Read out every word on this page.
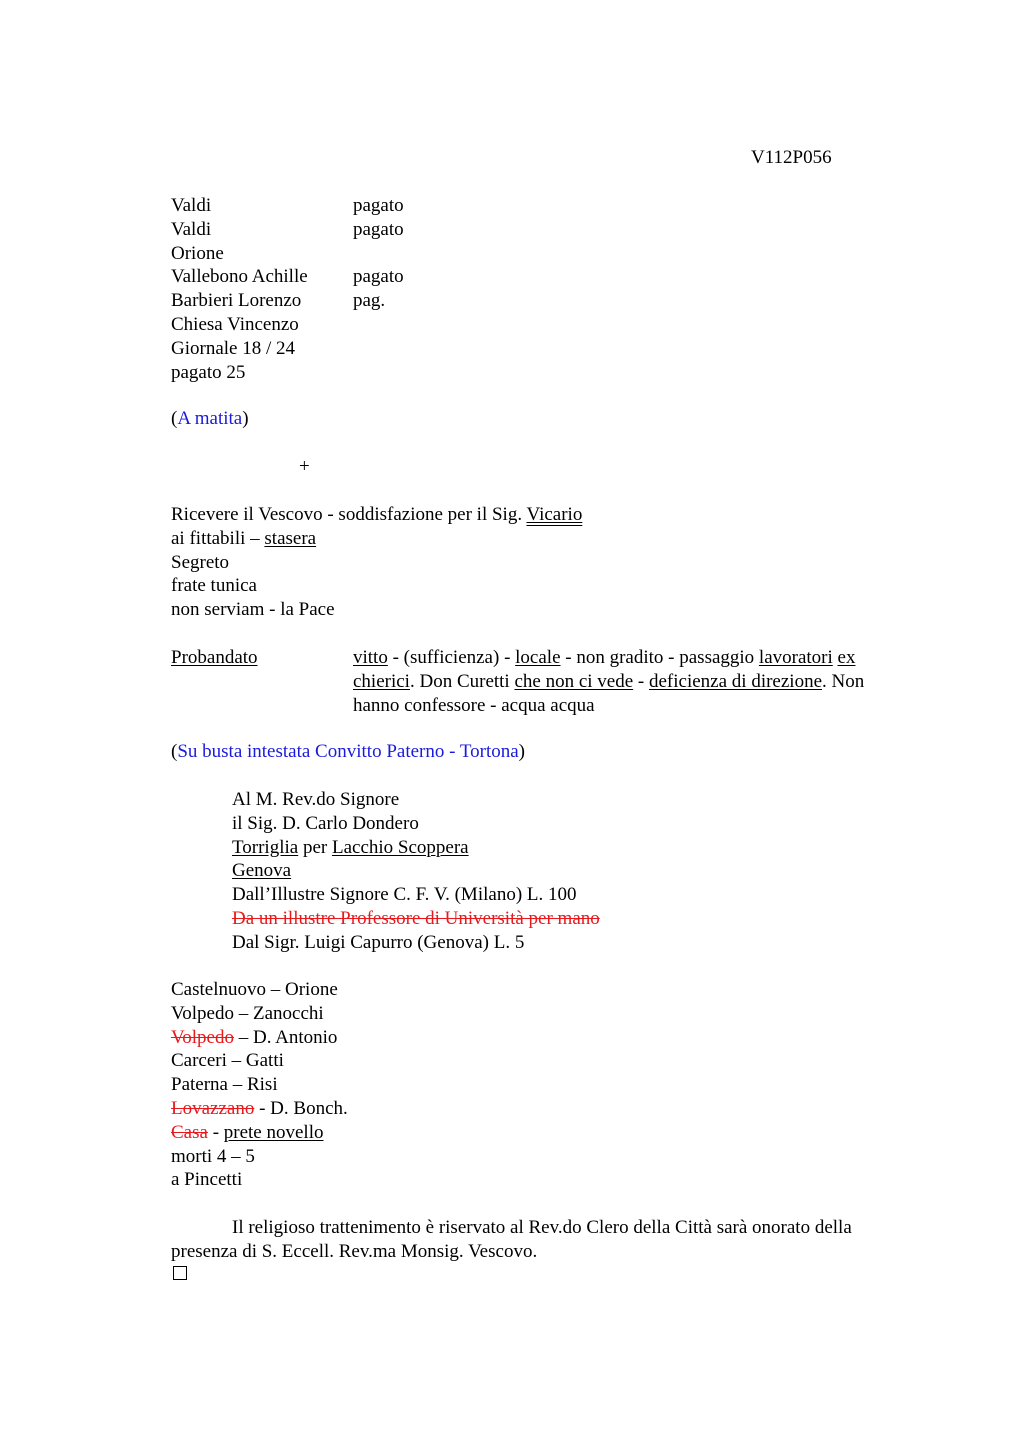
V112P056
Valdi	pagato
Valdi	pagato
Orione
Vallebono Achille pagato
Barbieri Lorenzo	pag.
Chiesa Vincenzo
Giornale 18 / 24
pagato 25
(A matita)
+
Ricevere il Vescovo - soddisfazione per il Sig. Vicario
ai fittabili – stasera
Segreto
frate tunica
non serviam - la Pace
Probandato	vitto - (sufficienza) - locale - non gradito - passaggio lavoratori ex
chierici. Don Curetti che non ci vede - deficienza di direzione. Non
hanno confessore - acqua acqua
(Su busta intestata Convitto Paterno - Tortona)
Al M. Rev.do Signore
il Sig. D. Carlo Dondero
Torriglia per Lacchio Scoppera
Genova
Dall’Illustre Signore C. F. V. (Milano) L. 100
Da un illustre Professore di Università per mano
Dal Sigr. Luigi Capurro (Genova) L. 5
Castelnuovo – Orione
Volpedo – Zanocchi
Volpedo – D. Antonio
Carceri – Gatti
Paterna – Risi
Lovazzano - D. Bonch.
Casa - prete novello
morti 4 – 5
a Pincetti
Il religioso trattenimento è riservato al Rev.do Clero della Città sarà onorato della
presenza di S. Eccell. Rev.ma Monsig. Vescovo.
